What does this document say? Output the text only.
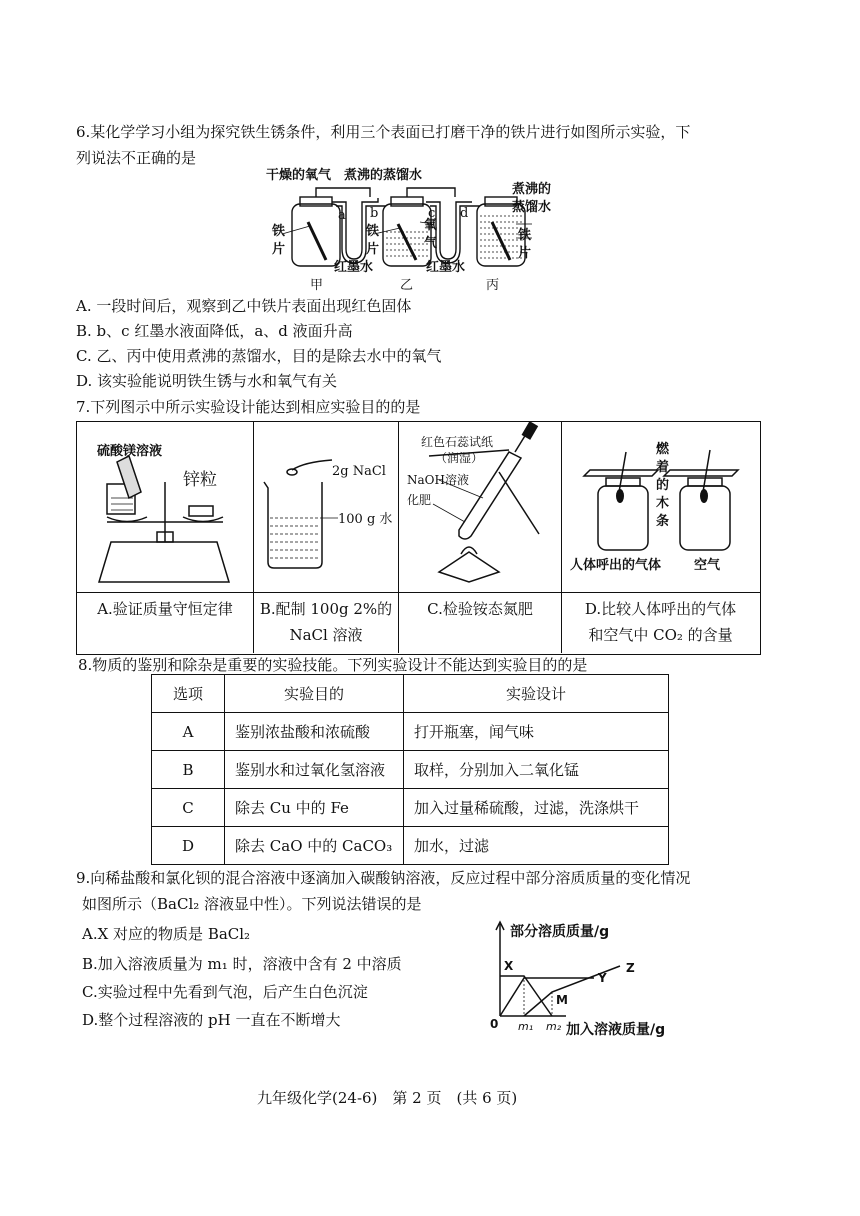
6.某化学学习小组为探究铁生锈条件，利用三个表面已打磨干净的铁片进行如图所示实验，下
列说法不正确的是
干燥的氧气 煮沸的蒸馏水
煮沸的
蒸馏水
铁
片
铁
片
氧
气
铁
片
红墨水	红墨水
a b	c d
甲	乙	丙
A. 一段时间后，观察到乙中铁片表面出现红色固体
B. b、c 红墨水液面降低，a、d 液面升高
C. 乙、丙中使用煮沸的蒸馏水，目的是除去水中的氧气
D. 该实验能说明铁生锈与水和氧气有关
7.下列图示中所示实验设计能达到相应实验目的的是
硫酸镁溶液
锌粒
A.验证质量守恒定律
2g NaCl
100 g 水
B.配制 100g 2%的
NaCl 溶液
红色石蕊试纸
（润湿）
NaOH溶液
化肥
C.检验铵态氮肥
燃
着
的
木
条
人体呼出的气体	空气
D.比较人体呼出的气体
和空气中 CO₂ 的含量
8.物质的鉴别和除杂是重要的实验技能。下列实验设计不能达到实验目的的是
选项	实验目的	实验设计
A	鉴别浓盐酸和浓硫酸	打开瓶塞，闻气味
B	鉴别水和过氧化氢溶液	取样，分别加入二氧化锰
C	除去 Cu 中的 Fe	加入过量稀硫酸，过滤，洗涤烘干
D	除去 CaO 中的 CaCO₃	加水，过滤
9.向稀盐酸和氯化钡的混合溶液中逐滴加入碳酸钠溶液，反应过程中部分溶质质量的变化情况
如图所示（BaCl₂ 溶液显中性）。下列说法错误的是
A.X 对应的物质是 BaCl₂
B.加入溶液质量为 m₁ 时，溶液中含有 2 中溶质
C.实验过程中先看到气泡，后产生白色沉淀
D.整个过程溶液的 pH 一直在不断增大
部分溶质质量/g
X
Y
Z
M
0 m₁ m₂ 加入溶液质量/g
九年级化学(24-6)　第 2 页　(共 6 页)
